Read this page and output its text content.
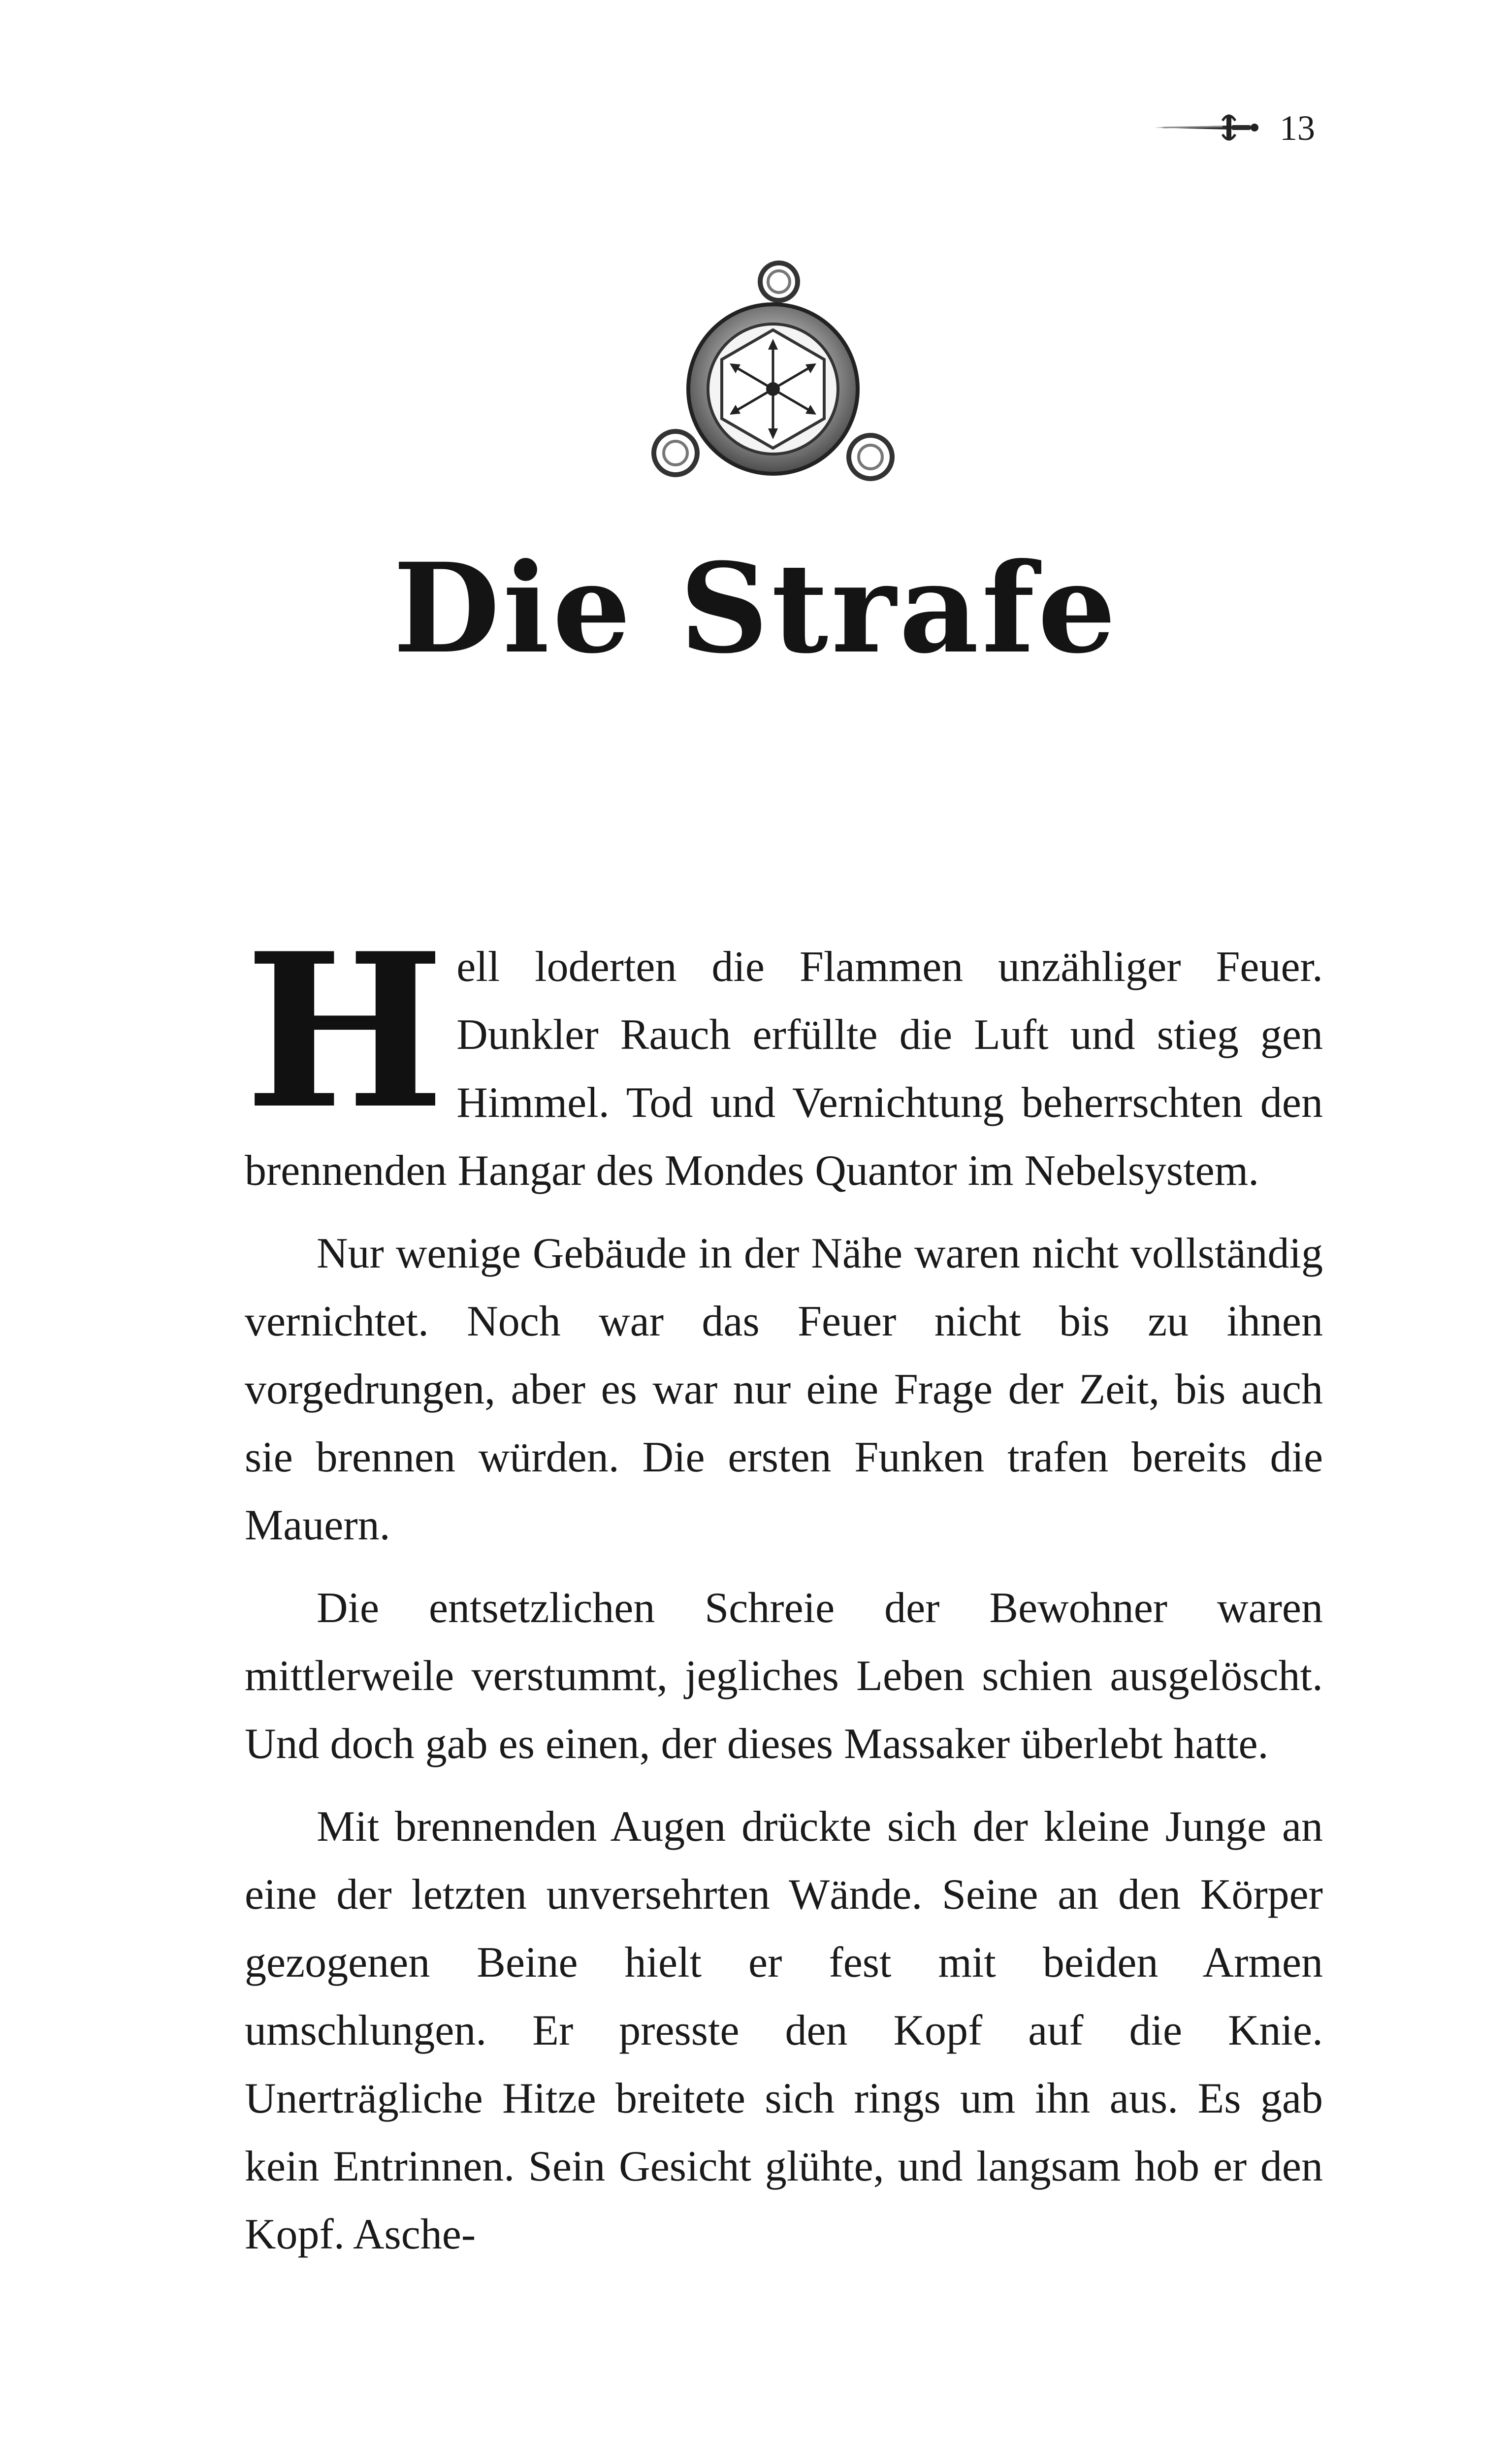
13
Die Strafe

H ell loderten die Flammen unzähliger Feuer. Dunkler Rauch erfüllte die Luft und stieg gen Himmel. Tod und Vernichtung beherrschten den brennenden Hangar des Mondes Quantor im Nebelsystem.

Nur wenige Gebäude in der Nähe waren nicht vollständig vernichtet. Noch war das Feuer nicht bis zu ihnen vorgedrungen, aber es war nur eine Frage der Zeit, bis auch sie brennen würden. Die ersten Funken trafen bereits die Mauern.

Die entsetzlichen Schreie der Bewohner waren mittlerweile verstummt, jegliches Leben schien ausgelöscht. Und doch gab es einen, der dieses Massaker überlebt hatte.

Mit brennenden Augen drückte sich der kleine Junge an eine der letzten unversehrten Wände. Seine an den Körper gezogenen Beine hielt er fest mit beiden Armen umschlungen. Er presste den Kopf auf die Knie. Unerträgliche Hitze breitete sich rings um ihn aus. Es gab kein Entrinnen. Sein Gesicht glühte, und langsam hob er den Kopf. Asche-
